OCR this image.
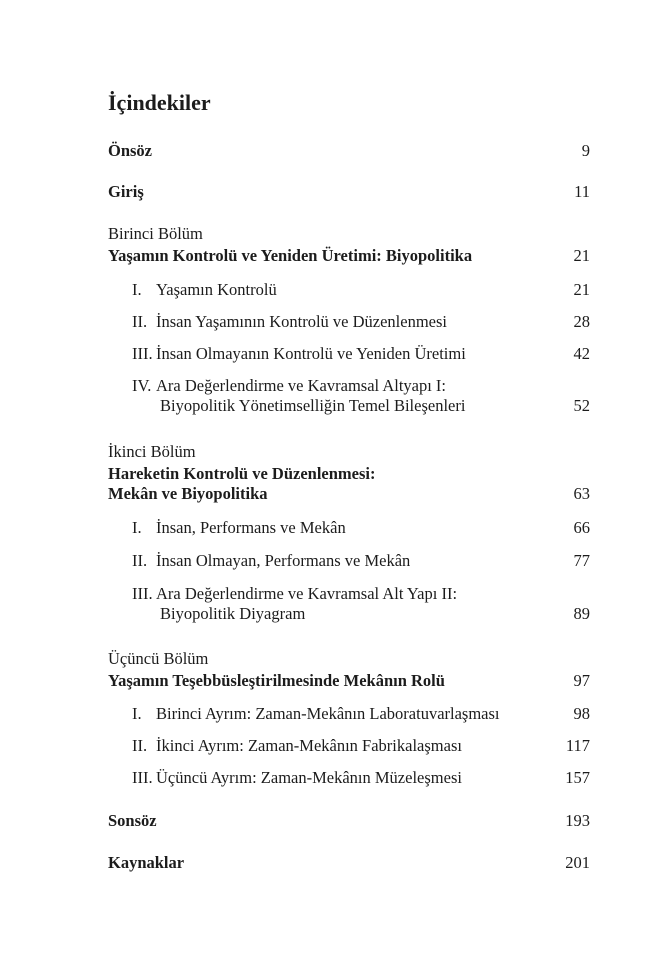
İçindekiler
Önsöz	9
Giriş	11
Birinci Bölüm
Yaşamın Kontrolü ve Yeniden Üretimi: Biyopolitika	21
I. Yaşamın Kontrolü	21
II. İnsan Yaşamının Kontrolü ve Düzenlenmesi	28
III. İnsan Olmayanın Kontrolü ve Yeniden Üretimi	42
IV. Ara Değerlendirme ve Kavramsal Altyapı I:
Biyopolitik Yönetimselliğin Temel Bileşenleri	52
İkinci Bölüm
Hareketin Kontrolü ve Düzenlenmesi:
Mekân ve Biyopolitika	63
I. İnsan, Performans ve Mekân	66
II. İnsan Olmayan, Performans ve Mekân	77
III. Ara Değerlendirme ve Kavramsal Alt Yapı II:
Biyopolitik Diyagram	89
Üçüncü Bölüm
Yaşamın Teşebbüsleştirilmesinde Mekânın Rolü	97
I. Birinci Ayrım: Zaman-Mekânın Laboratuvarlaşması	98
II. İkinci Ayrım: Zaman-Mekânın Fabrikalaşması	117
III. Üçüncü Ayrım: Zaman-Mekânın Müzeleşmesi	157
Sonsöz	193
Kaynaklar	201
